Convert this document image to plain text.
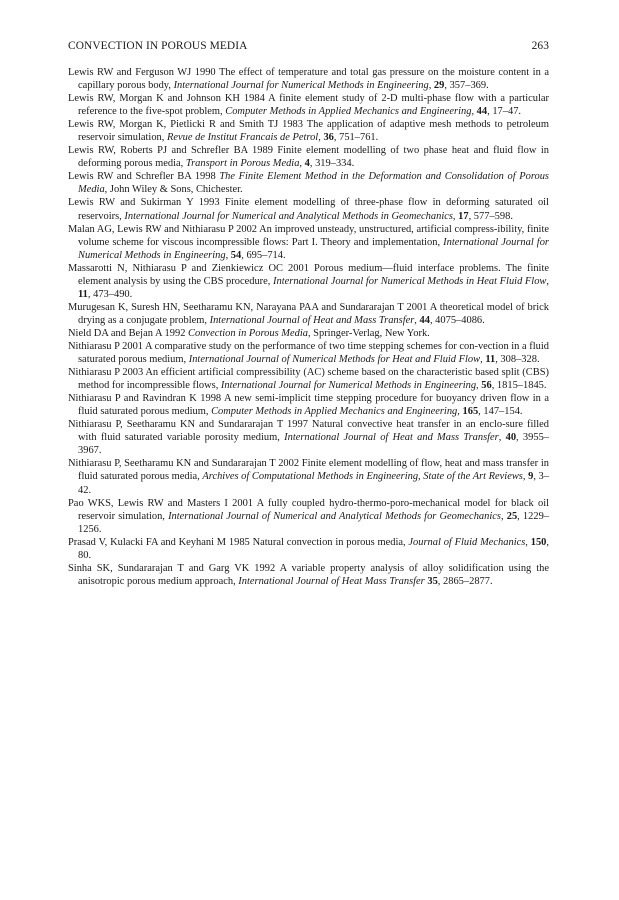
CONVECTION IN POROUS MEDIA	263

Lewis RW and Ferguson WJ 1990 The effect of temperature and total gas pressure on the moisture content in a capillary porous body, International Journal for Numerical Methods in Engineering, 29, 357–369.

Lewis RW, Morgan K and Johnson KH 1984 A finite element study of 2-D multi-phase flow with a particular reference to the five-spot problem, Computer Methods in Applied Mechanics and Engineering, 44, 17–47.

Lewis RW, Morgan K, Pietlicki R and Smith TJ 1983 The application of adaptive mesh methods to petroleum reservoir simulation, Revue de Institut Francais de Petrol, 36, 751–761.

Lewis RW, Roberts PJ and Schrefler BA 1989 Finite element modelling of two phase heat and fluid flow in deforming porous media, Transport in Porous Media, 4, 319–334.

Lewis RW and Schrefler BA 1998 The Finite Element Method in the Deformation and Consolidation of Porous Media, John Wiley & Sons, Chichester.

Lewis RW and Sukirman Y 1993 Finite element modelling of three-phase flow in deforming saturated oil reservoirs, International Journal for Numerical and Analytical Methods in Geomechanics, 17, 577–598.

Malan AG, Lewis RW and Nithiarasu P 2002 An improved unsteady, unstructured, artificial compress-ibility, finite volume scheme for viscous incompressible flows: Part I. Theory and implementation, International Journal for Numerical Methods in Engineering, 54, 695–714.

Massarotti N, Nithiarasu P and Zienkiewicz OC 2001 Porous medium—fluid interface problems. The finite element analysis by using the CBS procedure, International Journal for Numerical Methods in Heat Fluid Flow, 11, 473–490.

Murugesan K, Suresh HN, Seetharamu KN, Narayana PAA and Sundararajan T 2001 A theoretical model of brick drying as a conjugate problem, International Journal of Heat and Mass Transfer, 44, 4075–4086.

Nield DA and Bejan A 1992 Convection in Porous Media, Springer-Verlag, New York.

Nithiarasu P 2001 A comparative study on the performance of two time stepping schemes for con-vection in a fluid saturated porous medium, International Journal of Numerical Methods for Heat and Fluid Flow, 11, 308–328.

Nithiarasu P 2003 An efficient artificial compressibility (AC) scheme based on the characteristic based split (CBS) method for incompressible flows, International Journal for Numerical Methods in Engineering, 56, 1815–1845.

Nithiarasu P and Ravindran K 1998 A new semi-implicit time stepping procedure for buoyancy driven flow in a fluid saturated porous medium, Computer Methods in Applied Mechanics and Engineering, 165, 147–154.

Nithiarasu P, Seetharamu KN and Sundararajan T 1997 Natural convective heat transfer in an enclo-sure filled with fluid saturated variable porosity medium, International Journal of Heat and Mass Transfer, 40, 3955–3967.

Nithiarasu P, Seetharamu KN and Sundararajan T 2002 Finite element modelling of flow, heat and mass transfer in fluid saturated porous media, Archives of Computational Methods in Engineering, State of the Art Reviews, 9, 3–42.

Pao WKS, Lewis RW and Masters I 2001 A fully coupled hydro-thermo-poro-mechanical model for black oil reservoir simulation, International Journal of Numerical and Analytical Methods for Geomechanics, 25, 1229–1256.

Prasad V, Kulacki FA and Keyhani M 1985 Natural convection in porous media, Journal of Fluid Mechanics, 150, 80.

Sinha SK, Sundararajan T and Garg VK 1992 A variable property analysis of alloy solidification using the anisotropic porous medium approach, International Journal of Heat Mass Transfer 35, 2865–2877.
